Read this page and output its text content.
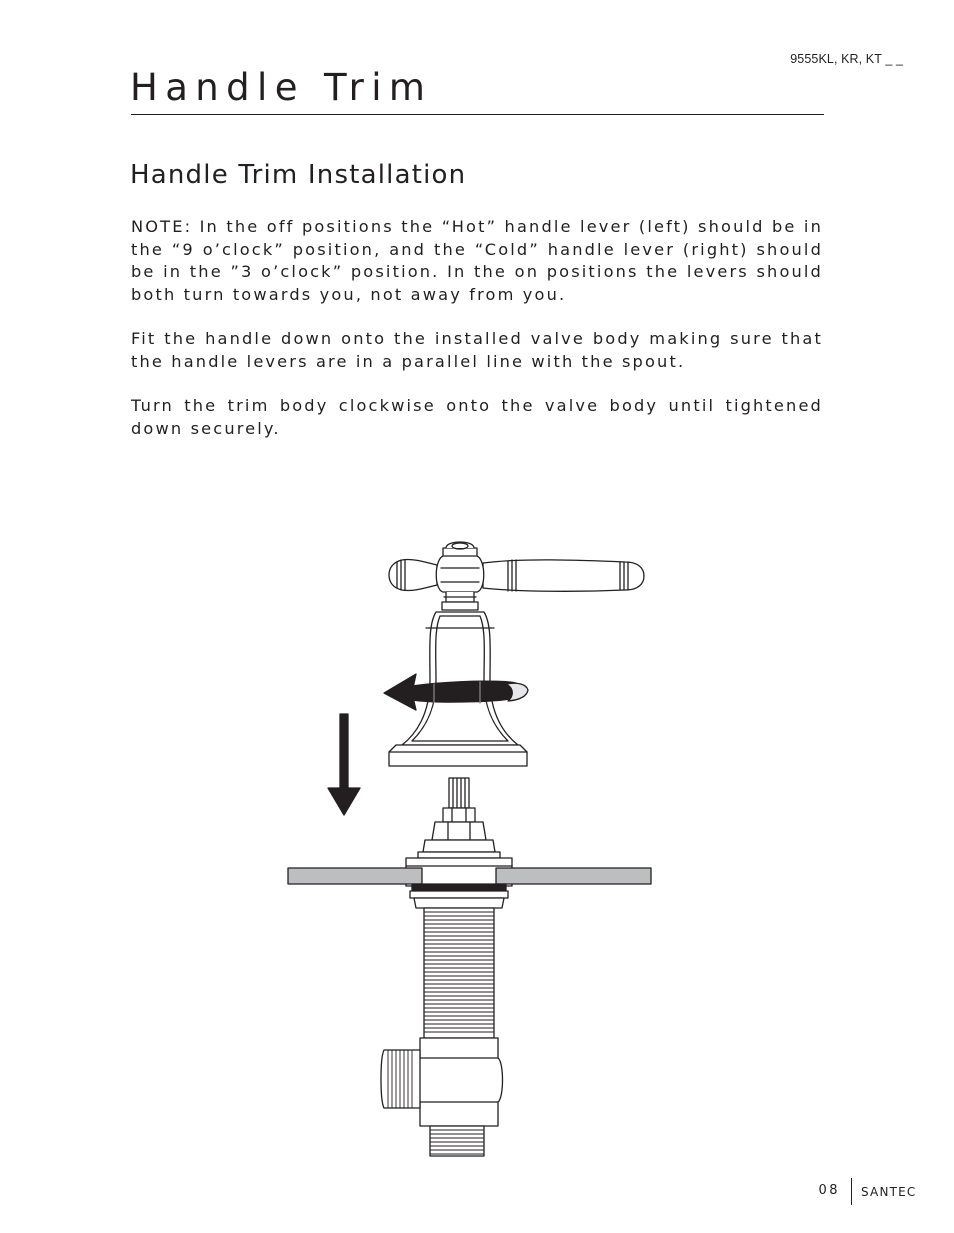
9555KL, KR, KT _ _
Handle Trim
Handle Trim Installation

NOTE: In the off positions the “Hot” handle lever (left) should be in the “9 o’clock” position, and the “Cold” handle lever (right) should be in the ”3 o’clock” position. In the on positions the levers should both turn towards you, not away from you.

Fit the handle down onto the installed valve body making sure that the handle levers are in a parallel line with the spout.

Turn the trim body clockwise onto the valve body until tightened down securely.

08 SANTEC
